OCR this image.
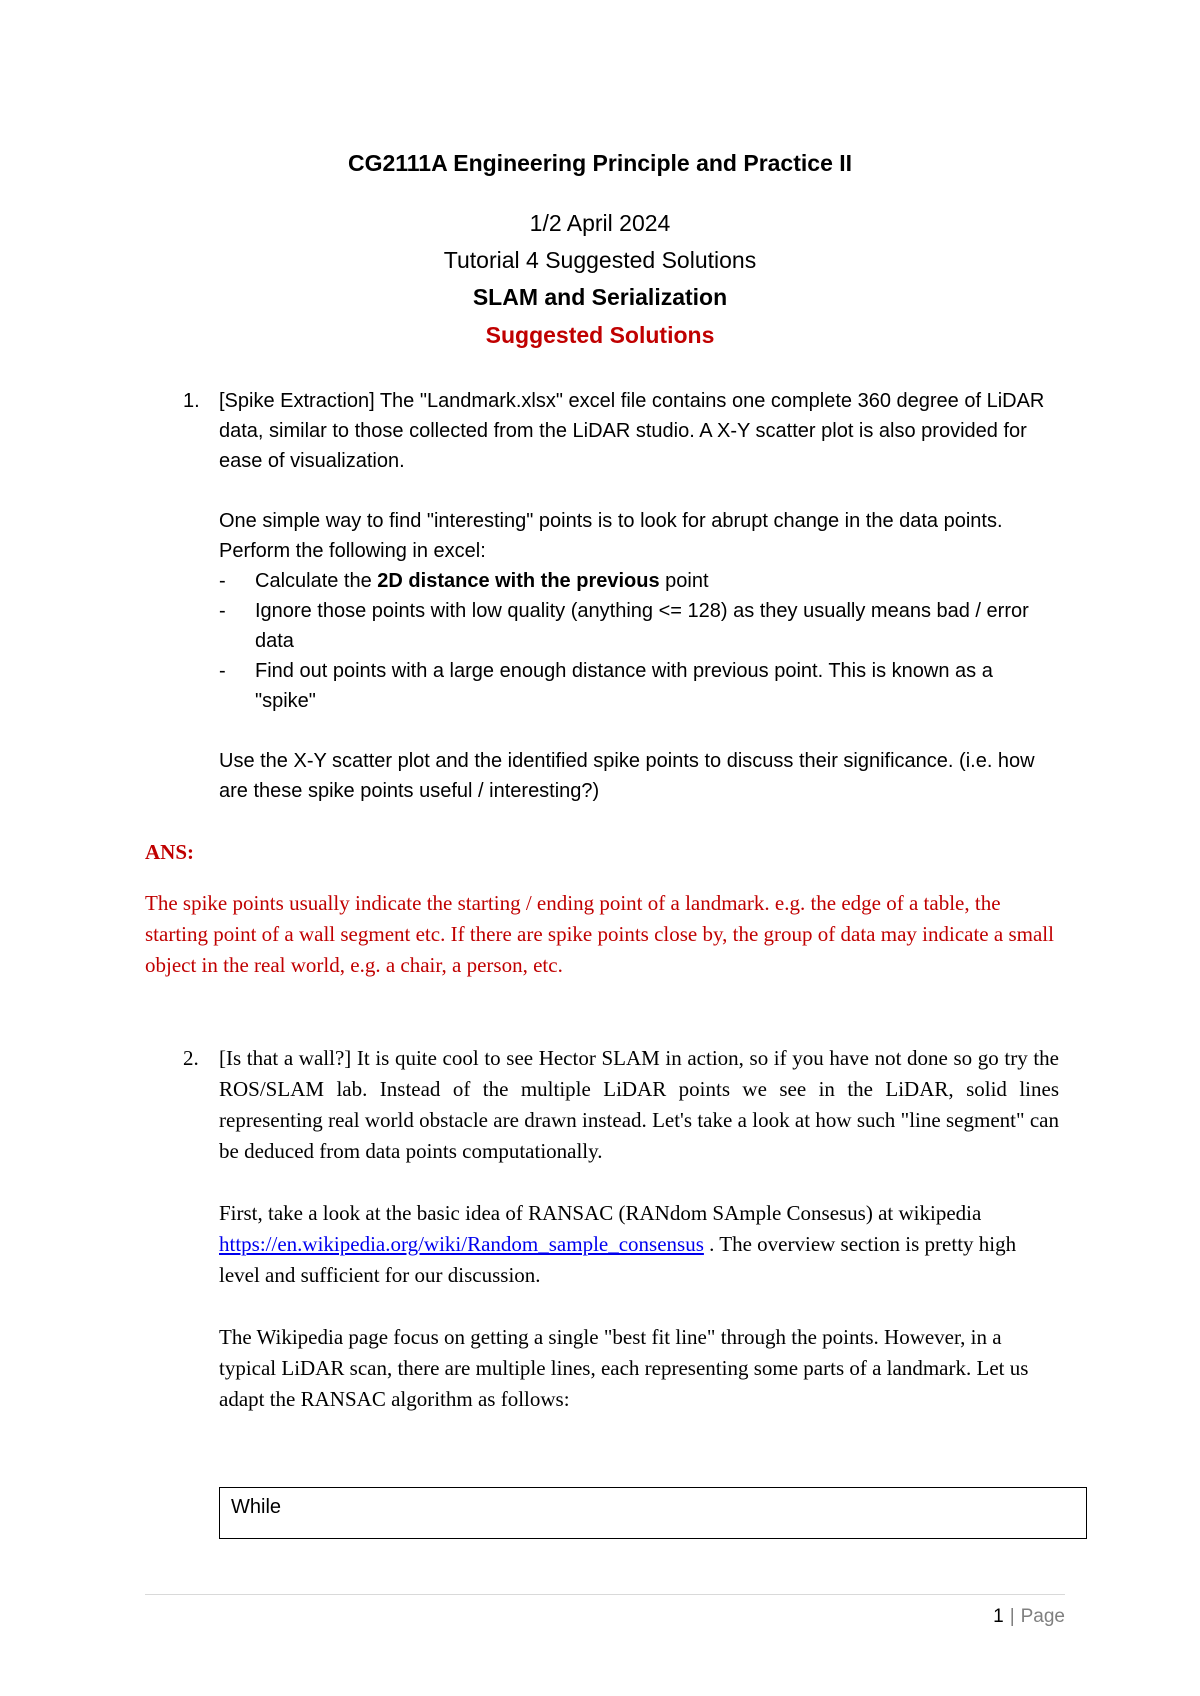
CG2111A Engineering Principle and Practice II
1/2 April 2024
Tutorial 4 Suggested Solutions
SLAM and Serialization
Suggested Solutions
1. [Spike Extraction] The "Landmark.xlsx" excel file contains one complete 360 degree of LiDAR data, similar to those collected from the LiDAR studio. A X-Y scatter plot is also provided for ease of visualization.

One simple way to find "interesting" points is to look for abrupt change in the data points. Perform the following in excel:

- Calculate the 2D distance with the previous point
- Ignore those points with low quality (anything <= 128) as they usually means bad / error data
- Find out points with a large enough distance with previous point. This is known as a "spike"

Use the X-Y scatter plot and the identified spike points to discuss their significance. (i.e. how are these spike points useful / interesting?)

ANS:
The spike points usually indicate the starting / ending point of a landmark. e.g. the edge of a table, the starting point of a wall segment etc. If there are spike points close by, the group of data may indicate a small object in the real world, e.g. a chair, a person, etc.
2. [Is that a wall?] It is quite cool to see Hector SLAM in action, so if you have not done so go try the ROS/SLAM lab. Instead of the multiple LiDAR points we see in the LiDAR, solid lines representing real world obstacle are drawn instead. Let's take a look at how such "line segment" can be deduced from data points computationally.

First, take a look at the basic idea of RANSAC (RANdom SAmple Consesus) at wikipedia https://en.wikipedia.org/wiki/Random_sample_consensus . The overview section is pretty high level and sufficient for our discussion.

The Wikipedia page focus on getting a single "best fit line" through the points. However, in a typical LiDAR scan, there are multiple lines, each representing some parts of a landmark. Let us adapt the RANSAC algorithm as follows:

While
1 | Page
